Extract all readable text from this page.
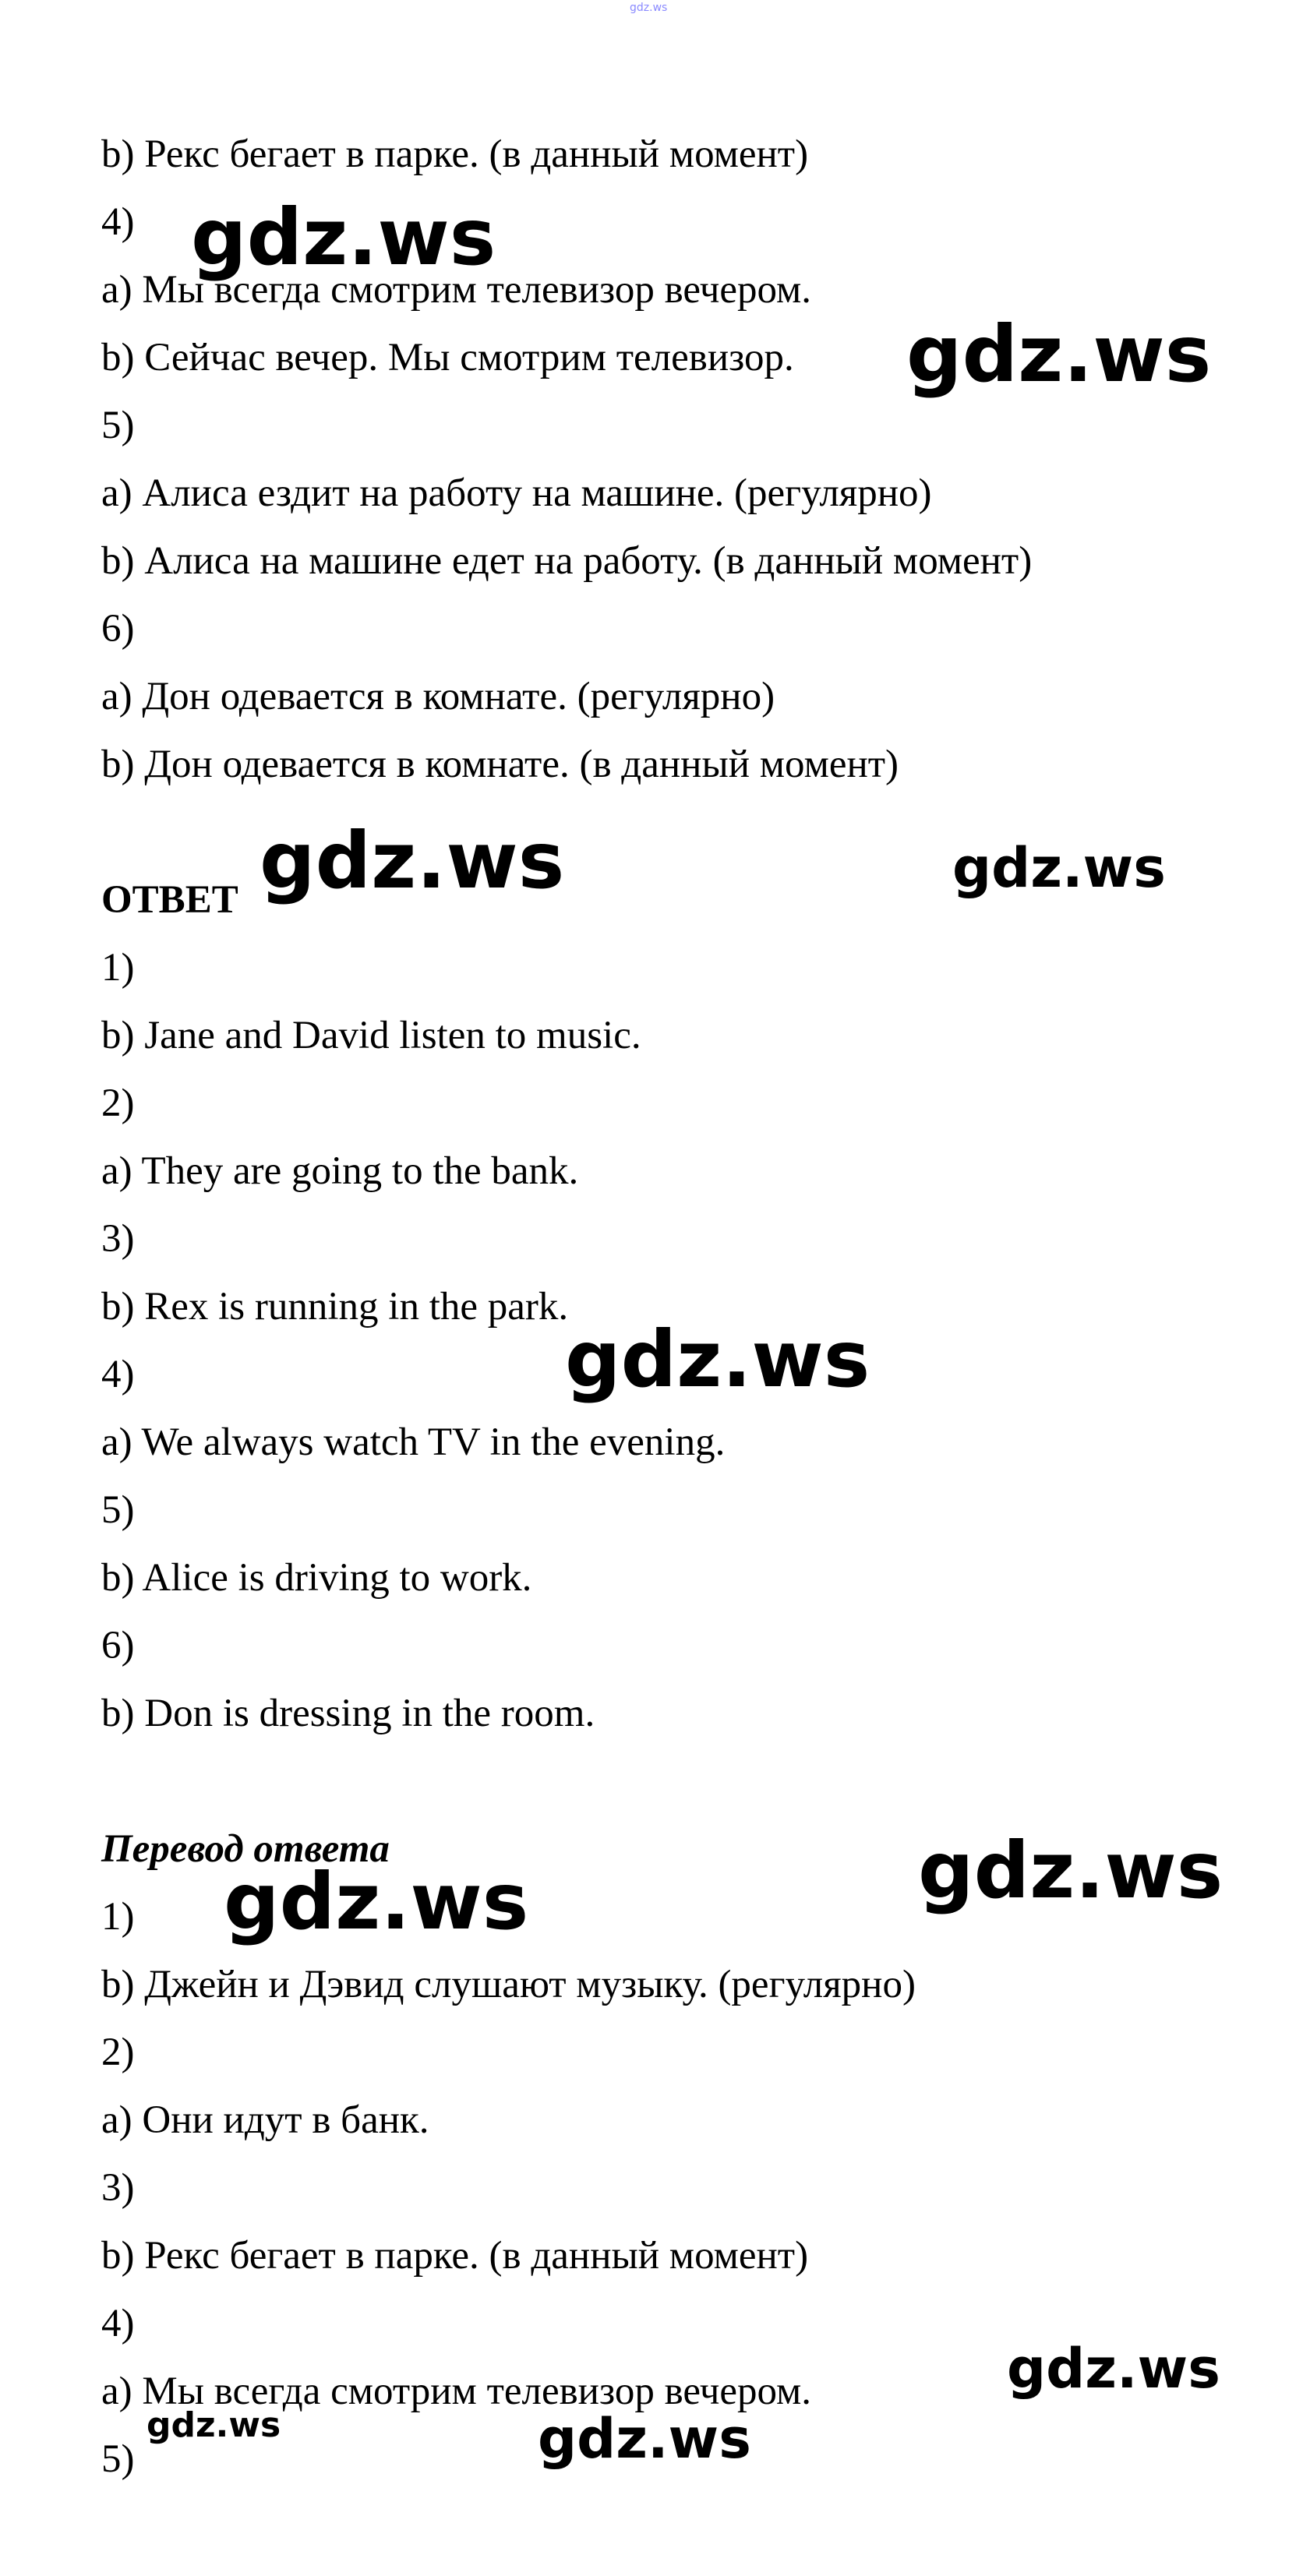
gdz.ws
b) Рекс бегает в парке. (в данный момент)
4)
a) Мы всегда смотрим телевизор вечером.
b) Сейчас вечер. Мы смотрим телевизор.
5)
a) Алиса ездит на работу на машине. (регулярно)
b) Алиса на машине едет на работу. (в данный момент)
6)
a) Дон одевается в комнате. (регулярно)
b) Дон одевается в комнате. (в данный момент)
ОТВЕТ
1)
b) Jane and David listen to music.
2)
a) They are going to the bank.
3)
b) Rex is running in the park.
4)
a) We always watch TV in the evening.
5)
b) Alice is driving to work.
6)
b) Don is dressing in the room.
Перевод ответа
1)
b) Джейн и Дэвид слушают музыку. (регулярно)
2)
a) Они идут в банк.
3)
b) Рекс бегает в парке. (в данный момент)
4)
a) Мы всегда смотрим телевизор вечером.
5)
gdz.ws
gdz.ws
gdz.ws	gdz.ws
gdz.ws
gdz.ws
gdz.ws
gdz.ws
gdz.ws	gdz.ws
